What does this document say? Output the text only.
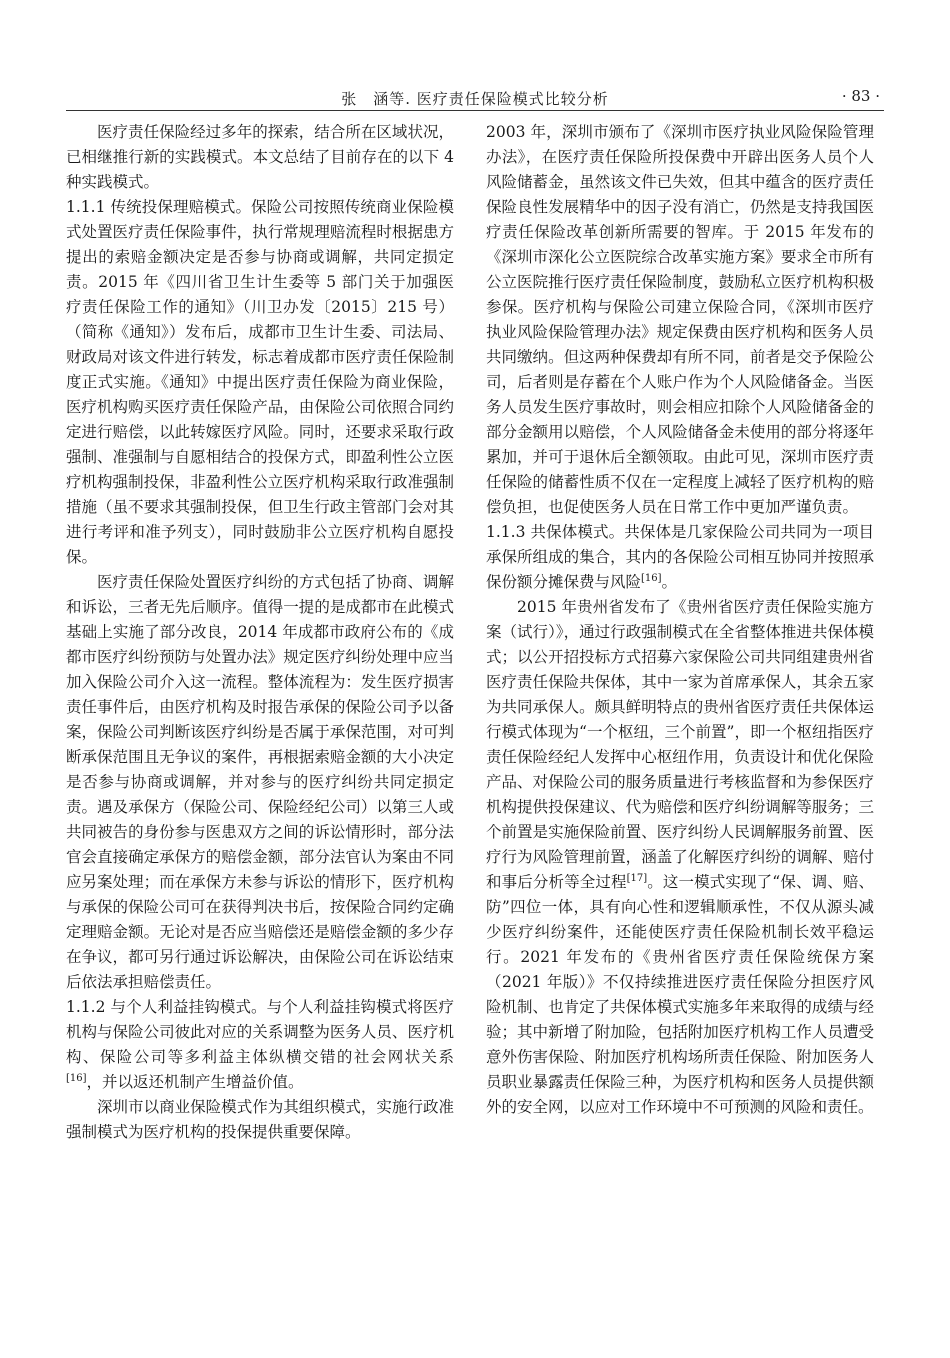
张　涵等. 医疗责任保险模式比较分析	· 83 ·

医疗责任保险经过多年的探索，结合所在区域状况，已相继推行新的实践模式。本文总结了目前存在的以下 4 种实践模式。

1.1.1 传统投保理赔模式。保险公司按照传统商业保险模式处置医疗责任保险事件，执行常规理赔流程时根据患方提出的索赔金额决定是否参与协商或调解，共同定损定责。2015 年《四川省卫生计生委等 5 部门关于加强医疗责任保险工作的通知》（川卫办发〔2015〕215 号）（简称《通知》）发布后，成都市卫生计生委、司法局、财政局对该文件进行转发，标志着成都市医疗责任保险制度正式实施。《通知》中提出医疗责任保险为商业保险，医疗机构购买医疗责任保险产品，由保险公司依照合同约定进行赔偿，以此转嫁医疗风险。同时，还要求采取行政强制、准强制与自愿相结合的投保方式，即盈利性公立医疗机构强制投保，非盈利性公立医疗机构采取行政准强制措施（虽不要求其强制投保，但卫生行政主管部门会对其进行考评和准予列支），同时鼓励非公立医疗机构自愿投保。

医疗责任保险处置医疗纠纷的方式包括了协商、调解和诉讼，三者无先后顺序。值得一提的是成都市在此模式基础上实施了部分改良，2014 年成都市政府公布的《成都市医疗纠纷预防与处置办法》规定医疗纠纷处理中应当加入保险公司介入这一流程。整体流程为：发生医疗损害责任事件后，由医疗机构及时报告承保的保险公司予以备案，保险公司判断该医疗纠纷是否属于承保范围，对可判断承保范围且无争议的案件，再根据索赔金额的大小决定是否参与协商或调解，并对参与的医疗纠纷共同定损定责。遇及承保方（保险公司、保险经纪公司）以第三人或共同被告的身份参与医患双方之间的诉讼情形时，部分法官会直接确定承保方的赔偿金额，部分法官认为案由不同应另案处理；而在承保方未参与诉讼的情形下，医疗机构与承保的保险公司可在获得判决书后，按保险合同约定确定理赔金额。无论对是否应当赔偿还是赔偿金额的多少存在争议，都可另行通过诉讼解决，由保险公司在诉讼结束后依法承担赔偿责任。

1.1.2 与个人利益挂钩模式。与个人利益挂钩模式将医疗机构与保险公司彼此对应的关系调整为医务人员、医疗机构、保险公司等多利益主体纵横交错的社会网状关系[16]，并以返还机制产生增益价值。

深圳市以商业保险模式作为其组织模式，实施行政准强制模式为医疗机构的投保提供重要保障。

2003 年，深圳市颁布了《深圳市医疗执业风险保险管理办法》，在医疗责任保险所投保费中开辟出医务人员个人风险储蓄金，虽然该文件已失效，但其中蕴含的医疗责任保险良性发展精华中的因子没有消亡，仍然是支持我国医疗责任保险改革创新所需要的智库。于 2015 年发布的《深圳市深化公立医院综合改革实施方案》要求全市所有公立医院推行医疗责任保险制度，鼓励私立医疗机构积极参保。医疗机构与保险公司建立保险合同，《深圳市医疗执业风险保险管理办法》规定保费由医疗机构和医务人员共同缴纳。但这两种保费却有所不同，前者是交予保险公司，后者则是存蓄在个人账户作为个人风险储备金。当医务人员发生医疗事故时，则会相应扣除个人风险储备金的部分金额用以赔偿，个人风险储备金未使用的部分将逐年累加，并可于退休后全额领取。由此可见，深圳市医疗责任保险的储蓄性质不仅在一定程度上减轻了医疗机构的赔偿负担，也促使医务人员在日常工作中更加严谨负责。

1.1.3 共保体模式。共保体是几家保险公司共同为一项目承保所组成的集合，其内的各保险公司相互协同并按照承保份额分摊保费与风险[16]。

2015 年贵州省发布了《贵州省医疗责任保险实施方案（试行）》，通过行政强制模式在全省整体推进共保体模式；以公开招投标方式招募六家保险公司共同组建贵州省医疗责任保险共保体，其中一家为首席承保人，其余五家为共同承保人。颇具鲜明特点的贵州省医疗责任共保体运行模式体现为“一个枢纽，三个前置”，即一个枢纽指医疗责任保险经纪人发挥中心枢纽作用，负责设计和优化保险产品、对保险公司的服务质量进行考核监督和为参保医疗机构提供投保建议、代为赔偿和医疗纠纷调解等服务；三个前置是实施保险前置、医疗纠纷人民调解服务前置、医疗行为风险管理前置，涵盖了化解医疗纠纷的调解、赔付和事后分析等全过程[17]。这一模式实现了“保、调、赔、防”四位一体，具有向心性和逻辑顺承性，不仅从源头减少医疗纠纷案件，还能使医疗责任保险机制长效平稳运行。2021 年发布的《贵州省医疗责任保险统保方案（2021 年版）》不仅持续推进医疗责任保险分担医疗风险机制、也肯定了共保体模式实施多年来取得的成绩与经验；其中新增了附加险，包括附加医疗机构工作人员遭受意外伤害保险、附加医疗机构场所责任保险、附加医务人员职业暴露责任保险三种，为医疗机构和医务人员提供额外的安全网，以应对工作环境中不可预测的风险和责任。
